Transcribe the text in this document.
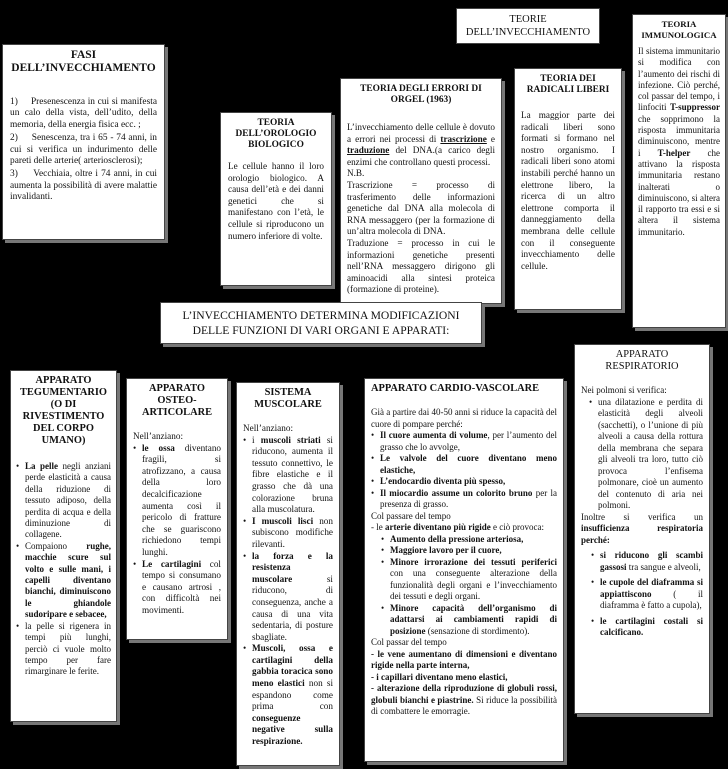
TEORIE
DELL’INVECCHIAMENTO
FASI
DELL’INVECCHIAMENTO
1) Presenescenza in cui si manifesta un calo della vista, dell’udito, della memoria, della energia fisica ecc. ;
2) Senescenza, tra i 65 - 74 anni, in cui si verifica un indurimento delle pareti delle arterie( arteriosclerosi);
3) Vecchiaia, oltre i 74 anni, in cui aumenta la possibilità di avere malattie invalidanti.
TEORIA DELL’OROLOGIO BIOLOGICO
Le cellule hanno il loro orologio biologico. A causa dell’età e dei danni genetici che si manifestano con l’età, le cellule si riproducono un numero inferiore di volte.
TEORIA DEGLI ERRORI DI ORGEL (1963)
L’invecchiamento delle cellule è dovuto a errori nei processi di trascrizione e traduzione del DNA.(a carico degli enzimi che controllano questi processi.
N.B.
Trascrizione = processo di trasferimento delle informazioni genetiche dal DNA alla molecola di RNA messaggero (per la formazione di un’altra molecola di DNA.
Traduzione = processo in cui le informazioni genetiche presenti nell’RNA messaggero dirigono gli aminoacidi alla sintesi proteica (formazione di proteine).
TEORIA DEI RADICALI LIBERI
La maggior parte dei radicali liberi sono formati si formano nel nostro organismo. I radicali liberi sono atomi instabili perché hanno un elettrone libero, la ricerca di un altro elettrone comporta il danneggiamento della membrana delle cellule con il conseguente invecchiamento delle cellule.
TEORIA IMMUNOLOGICA
Il sistema immunitario si modifica con l’aumento dei rischi di infezione. Ciò perché, col passar del tempo, i linfociti T-suppressor che sopprimono la risposta immunitaria diminuiscono, mentre i T-helper che attivano la risposta immunitaria restano inalterati o diminuiscono, si altera il rapporto tra essi e si altera il sistema immunitario.
L’INVECCHIAMENTO DETERMINA MODIFICAZIONI
DELLE FUNZIONI DI VARI ORGANI E APPARATI:
APPARATO TEGUMENTARIO (O DI RIVESTIMENTO DEL CORPO UMANO)
• La pelle negli anziani perde elasticità a causa della riduzione di tessuto adiposo, della perdita di acqua e della diminuzione di collagene.
• Compaiono rughe, macchie scure sul volto e sulle mani, i capelli diventano bianchi, diminuiscono le ghiandole sudoripare e sebacee,
• la pelle si rigenera in tempi più lunghi, perciò ci vuole molto tempo per fare rimarginare le ferite.
APPARATO OSTEO-ARTICOLARE
Nell’anziano:
• le ossa diventano fragili, si atrofizzano, a causa della loro decalcificazione aumenta così il pericolo di fratture che se guariscono richiedono tempi lunghi.
• Le cartilagini col tempo si consumano e causano artrosi , con difficoltà nei movimenti.
SISTEMA MUSCOLARE
Nell’anziano:
• i muscoli striati si riducono, aumenta il tessuto connettivo, le fibre elastiche e il grasso che dà una colorazione bruna alla muscolatura.
• I muscoli lisci non subiscono modifiche rilevanti.
• la forza e la resistenza muscolare si riducono, di conseguenza, anche a causa di una vita sedentaria, di posture sbagliate.
• Muscoli, ossa e cartilagini della gabbia toracica sono meno elastici non si espandono come prima con conseguenze negative sulla respirazione.
APPARATO CARDIO-VASCOLARE
Già a partire dai 40-50 anni si riduce la capacità del cuore di pompare perché:
• Il cuore aumenta di volume, per l’aumento del grasso che lo avvolge,
• Le valvole del cuore diventano meno elastiche,
• L’endocardio diventa più spesso,
• Il miocardio assume un colorito bruno per la presenza di grasso.
Col passare del tempo
- le arterie diventano più rigide e ciò provoca:
• Aumento della pressione arteriosa,
• Maggiore lavoro per il cuore,
• Minore irrorazione dei tessuti periferici con una conseguente alterazione della funzionalità degli organi e l’invecchiamento dei tessuti e degli organi.
• Minore capacità dell’organismo di adattarsi ai cambiamenti rapidi di posizione (sensazione di stordimento).
Col passar del tempo
- le vene aumentano di dimensioni e diventano rigide nella parte interna,
- i capillari diventano meno elastici,
- alterazione della riproduzione di globuli rossi, globuli bianchi e piastrine. Si riduce la possibilità di combattere le emorragie.
APPARATO RESPIRATORIO
Nei polmoni si verifica:
• una dilatazione e perdita di elasticità degli alveoli (sacchetti), o l’unione di più alveoli a causa della rottura della membrana che separa gli alveoli tra loro, tutto ciò provoca l’enfisema polmonare, cioè un aumento del contenuto di aria nei polmoni.
Inoltre si verifica un insufficienza respiratoria perché:
• si riducono gli scambi gassosi tra sangue e alveoli,
• le cupole del diaframma si appiattiscono ( il diaframma è fatto a cupola),
• le cartilagini costali si calcificano.
